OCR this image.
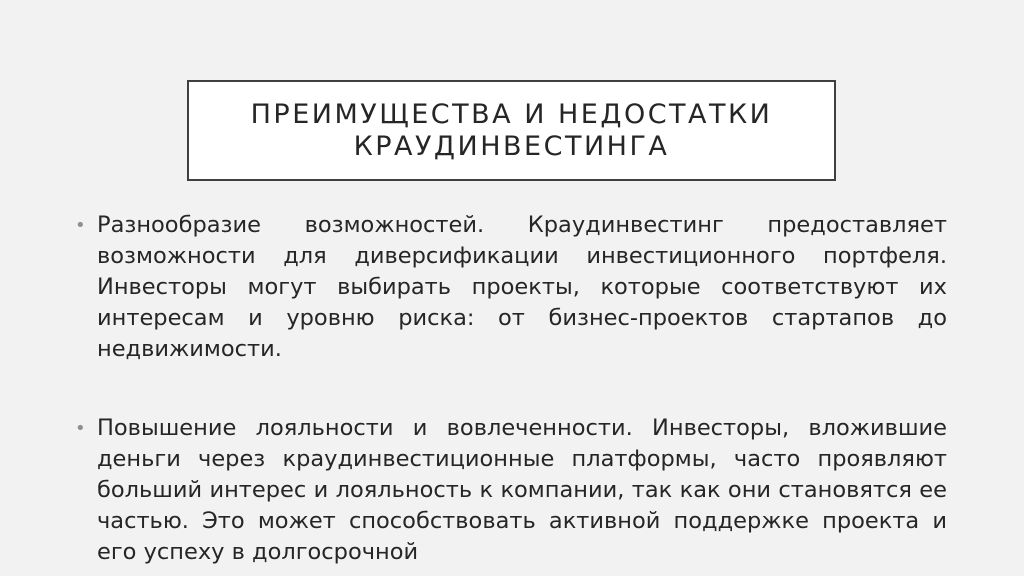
ПРЕИМУЩЕСТВА И НЕДОСТАТКИ
КРАУДИНВЕСТИНГА
• Разнообразие возможностей. Краудинвестинг предоставляет возможности для диверсификации инвестиционного портфеля. Инвесторы могут выбирать проекты, которые соответствуют их интересам и уровню риска: от бизнес-проектов стартапов до недвижимости.
• Повышение лояльности и вовлеченности. Инвесторы, вложившие деньги через краудинвестиционные платформы, часто проявляют больший интерес и лояльность к компании, так как они становятся ее частью. Это может способствовать активной поддержке проекта и его успеху в долгосрочной
